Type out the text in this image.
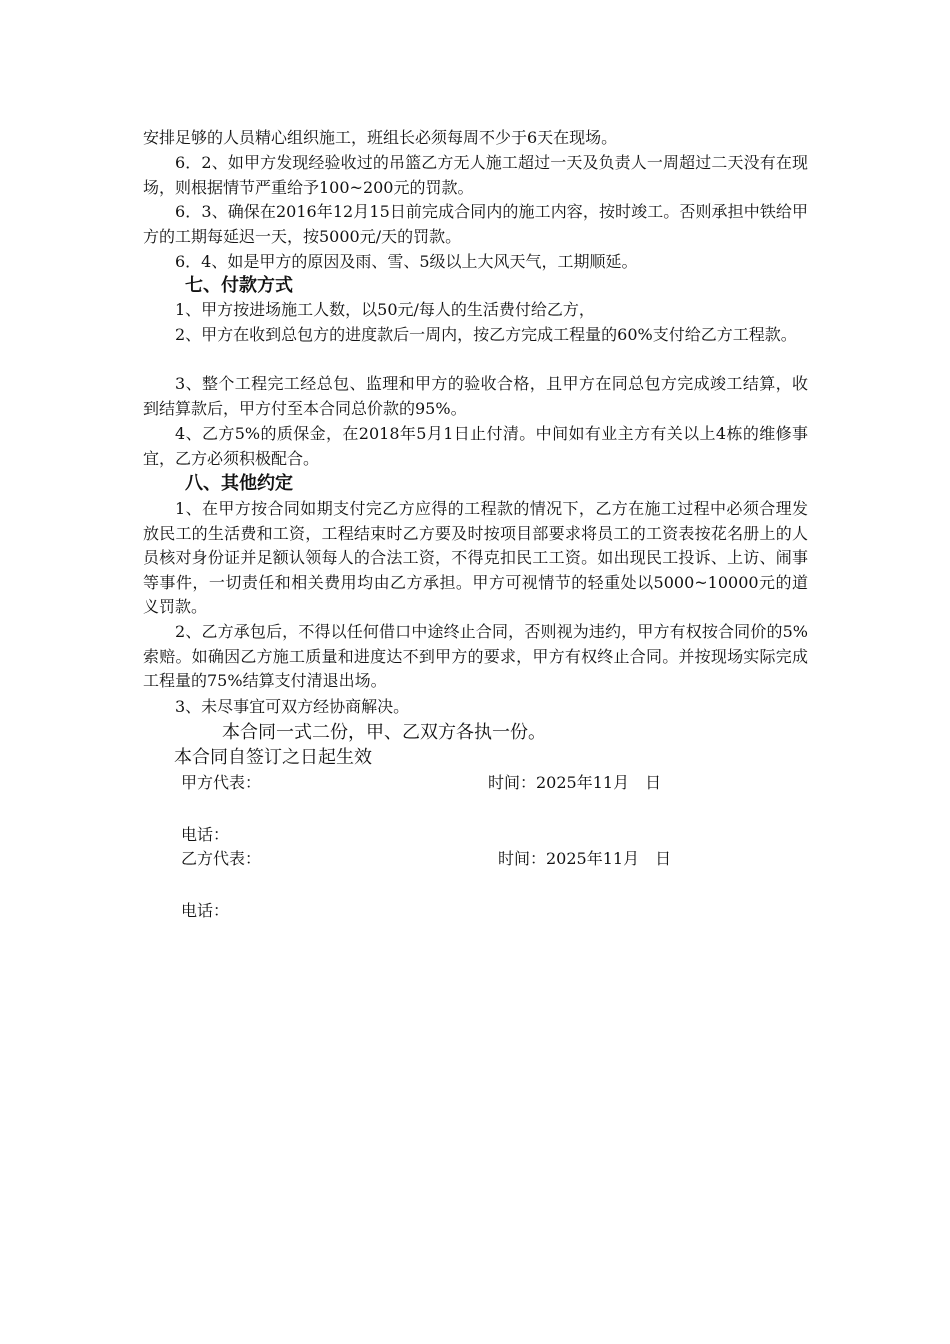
安排足够的人员精心组织施工，班组长必须每周不少于6天在现场。

6．2、如甲方发现经验收过的吊篮乙方无人施工超过一天及负责人一周超过二天没有在现场，则根据情节严重给予100~200元的罚款。

6．3、确保在2016年12月15日前完成合同内的施工内容，按时竣工。否则承担中铁给甲方的工期每延迟一天，按5000元/天的罚款。

6．4、如是甲方的原因及雨、雪、5级以上大风天气，工期顺延。

七、付款方式

1、甲方按进场施工人数，以50元/每人的生活费付给乙方，

2、甲方在收到总包方的进度款后一周内，按乙方完成工程量的60%支付给乙方工程款。

3、整个工程完工经总包、监理和甲方的验收合格，且甲方在同总包方完成竣工结算，收到结算款后，甲方付至本合同总价款的95%。

4、乙方5%的质保金，在2018年5月1日止付清。中间如有业主方有关以上4栋的维修事宜，乙方必须积极配合。

八、其他约定

1、在甲方按合同如期支付完乙方应得的工程款的情况下，乙方在施工过程中必须合理发放民工的生活费和工资，工程结束时乙方要及时按项目部要求将员工的工资表按花名册上的人员核对身份证并足额认领每人的合法工资，不得克扣民工工资。如出现民工投诉、上访、闹事等事件，一切责任和相关费用均由乙方承担。甲方可视情节的轻重处以5000~10000元的道义罚款。

2、乙方承包后，不得以任何借口中途终止合同，否则视为违约，甲方有权按合同价的5%索赔。如确因乙方施工质量和进度达不到甲方的要求，甲方有权终止合同。并按现场实际完成工程量的75%结算支付清退出场。

3、未尽事宜可双方经协商解决。

本合同一式二份，甲、乙双方各执一份。

本合同自签订之日起生效

甲方代表：	时间：2025年11月　日

电话：

乙方代表：	时间：2025年11月　日

电话：
